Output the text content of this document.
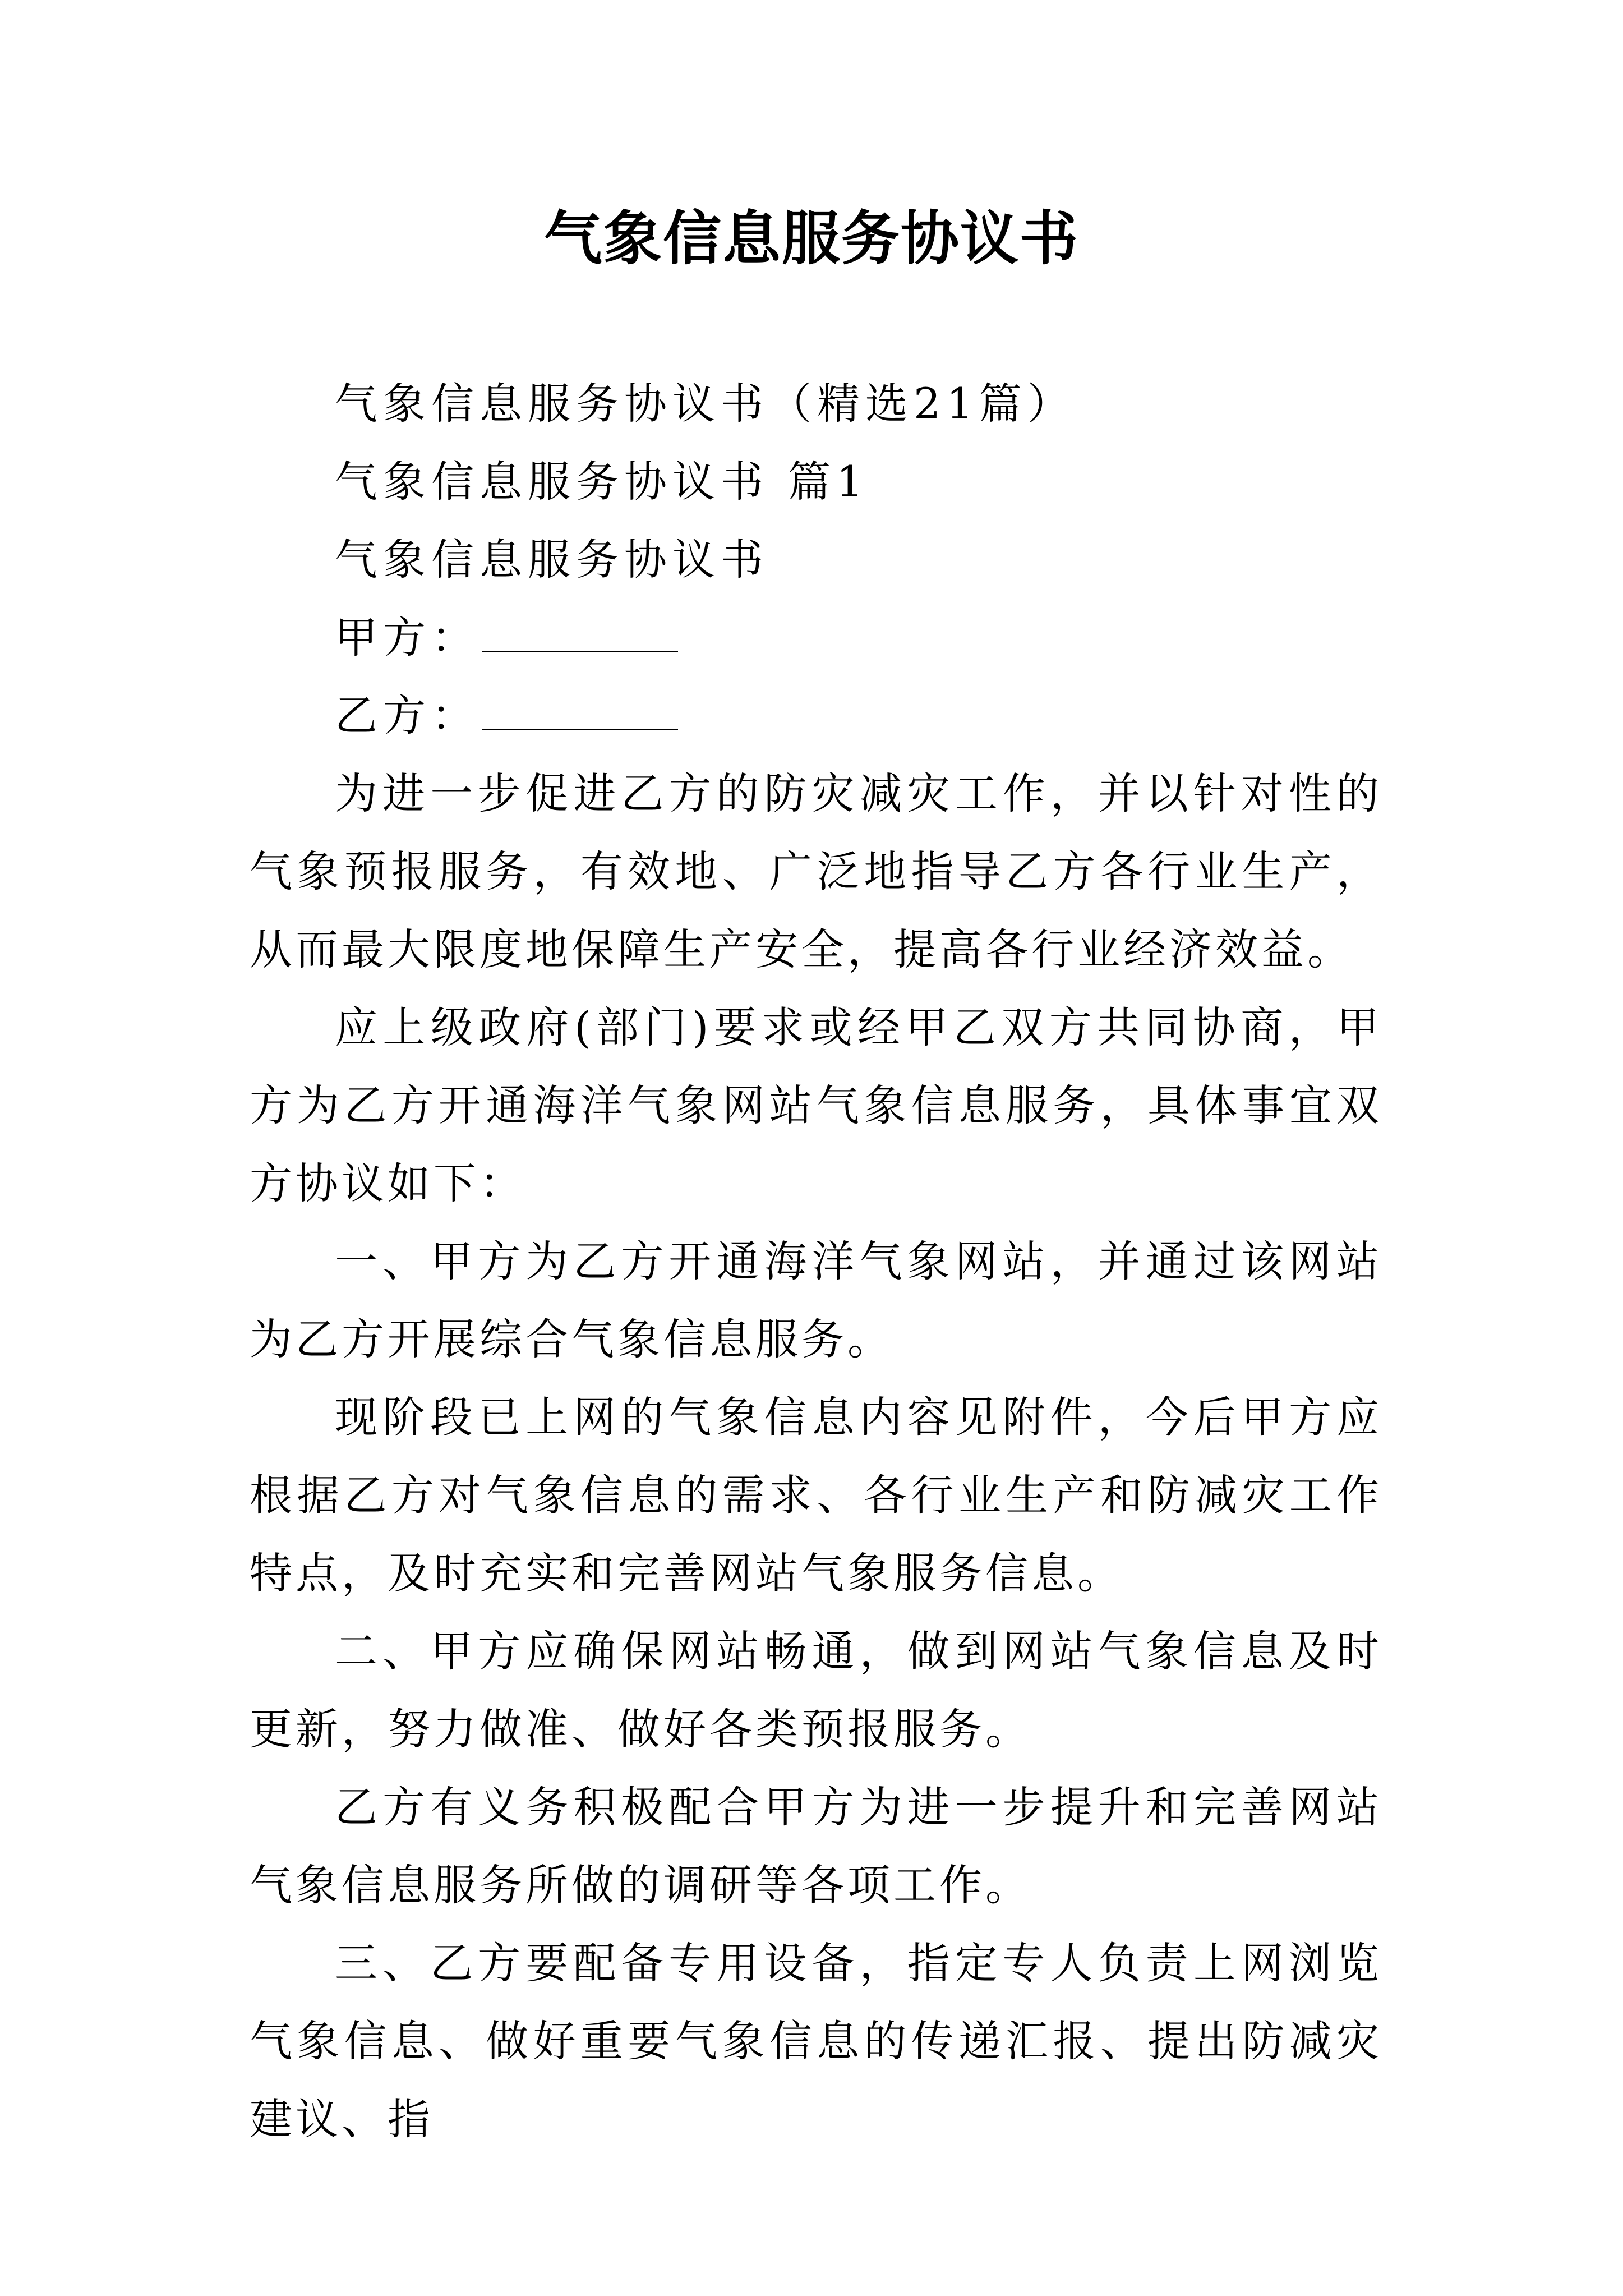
气象信息服务协议书

气象信息服务协议书（精选21篇）

气象信息服务协议书 篇1

气象信息服务协议书

甲方：

乙方：

为进一步促进乙方的防灾减灾工作，并以针对性的气象预报服务，有效地、广泛地指导乙方各行业生产，从而最大限度地保障生产安全，提高各行业经济效益。

应上级政府(部门)要求或经甲乙双方共同协商，甲方为乙方开通海洋气象网站气象信息服务，具体事宜双方协议如下：

一、甲方为乙方开通海洋气象网站，并通过该网站为乙方开展综合气象信息服务。

现阶段已上网的气象信息内容见附件，今后甲方应根据乙方对气象信息的需求、各行业生产和防减灾工作特点，及时充实和完善网站气象服务信息。

二、甲方应确保网站畅通，做到网站气象信息及时更新，努力做准、做好各类预报服务。

乙方有义务积极配合甲方为进一步提升和完善网站气象信息服务所做的调研等各项工作。

三、乙方要配备专用设备，指定专人负责上网浏览气象信息、做好重要气象信息的传递汇报、提出防减灾建议、指
